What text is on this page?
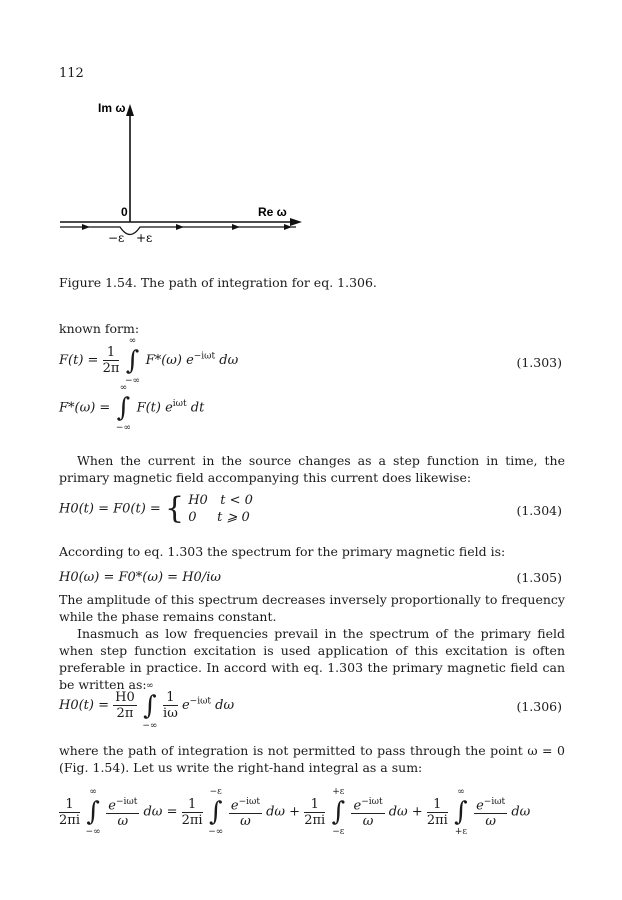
112
Im ω
0	Re ω
−ε +ε
Figure 1.54. The path of integration for eq. 1.306.
known form:
$F(t) = \frac{1}{2\pi}$

∞
∫
−∞
F*(ω) $e^{-i\omega t}$ dω	(1.303)
F*(ω) =
∞
∫
−∞
F(t) $e^{i\omega t}$ dt
When the current in the source changes as a step function in time, the primary magnetic field accompanying this current does likewise:
H0(t) = F0(t) = { H0   t < 0
0     t ⩾ 0	(1.304)
According to eq. 1.303 the spectrum for the primary magnetic field is:
H0(ω) = F0*(ω) = H0/iω	(1.305)
The amplitude of this spectrum decreases inversely proportionally to frequency while the phase remains constant.
Inasmuch as low frequencies prevail in the spectrum of the primary field when step function excitation is used application of this excitation is often preferable in practice. In accord with eq. 1.303 the primary magnetic field can be written as:
$H0(t) = \frac{H0}{2\pi}$

∞
∫
−∞

$\frac{1}{i\omega} e^{-i\omega t}$ dω	(1.306)
where the path of integration is not permitted to pass through the point ω = 0 (Fig. 1.54). Let us write the right-hand integral as a sum:
$\frac{1}{2\pi i}$

∞
∫
−∞

$\frac{e^{-i\omega t}}{\omega}$ $d\omega = \frac{1}{2\pi i}$

−ε
∫
−∞

$\frac{e^{-i\omega t}}{\omega}$ $d\omega + \frac{1}{2\pi i}$

+ε
∫
−ε

$\frac{e^{-i\omega t}}{\omega}$ $d\omega + \frac{1}{2\pi i}$

∞
∫
+ε

$\frac{e^{-i\omega t}}{\omega}$ dω
